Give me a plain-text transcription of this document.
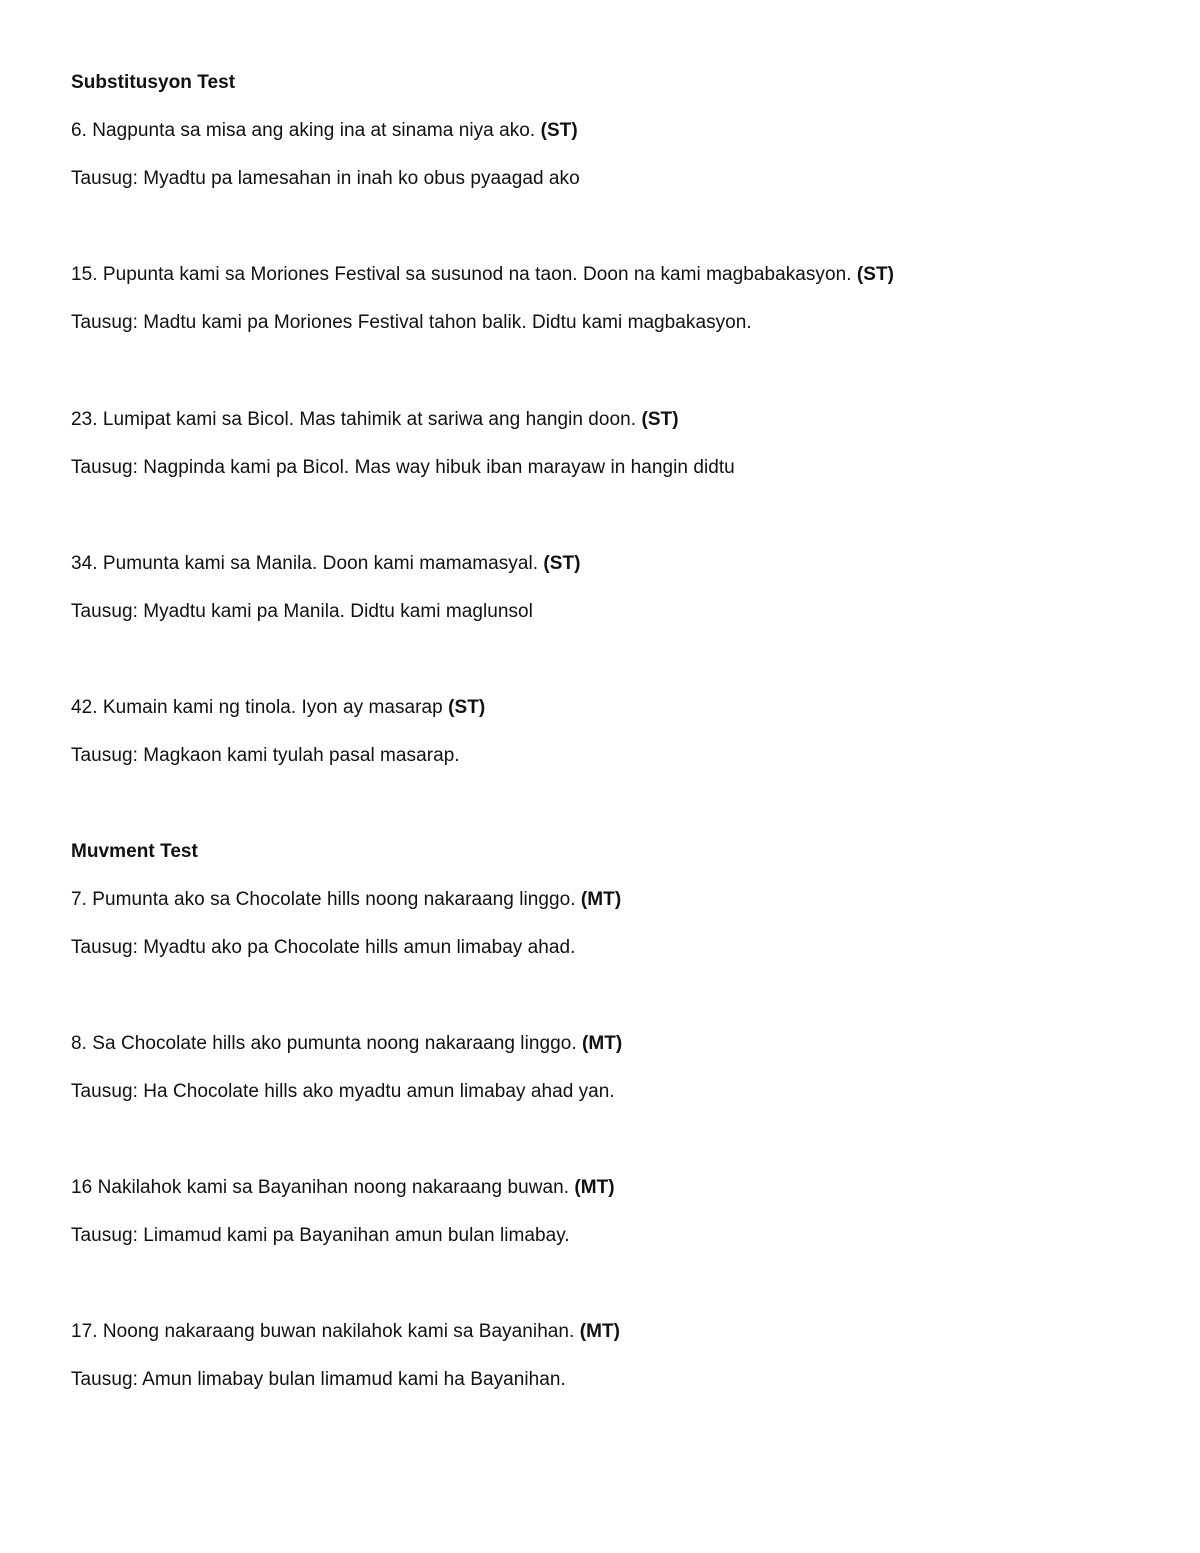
Substitusyon Test
6. Nagpunta sa misa ang aking ina at sinama niya ako. (ST)
Tausug: Myadtu pa lamesahan in inah ko obus pyaagad ako
15. Pupunta kami sa Moriones Festival sa susunod na taon. Doon na kami magbabakasyon. (ST)
Tausug: Madtu kami pa Moriones Festival tahon balik. Didtu kami magbakasyon.
23. Lumipat kami sa Bicol. Mas tahimik at sariwa ang hangin doon. (ST)
Tausug: Nagpinda kami pa Bicol. Mas way hibuk iban marayaw in hangin didtu
34. Pumunta kami sa Manila. Doon kami mamamasyal. (ST)
Tausug: Myadtu kami pa Manila. Didtu kami maglunsol
42. Kumain kami ng tinola. Iyon ay masarap (ST)
Tausug: Magkaon kami tyulah pasal masarap.
Muvment Test
7. Pumunta ako sa Chocolate hills noong nakaraang linggo. (MT)
Tausug: Myadtu ako pa Chocolate hills amun limabay ahad.
8. Sa Chocolate hills ako pumunta noong nakaraang linggo. (MT)
Tausug: Ha Chocolate hills ako myadtu amun limabay ahad yan.
16 Nakilahok kami sa Bayanihan noong nakaraang buwan. (MT)
Tausug: Limamud kami pa Bayanihan amun bulan limabay.
17. Noong nakaraang buwan nakilahok kami sa Bayanihan. (MT)
Tausug: Amun limabay bulan limamud kami ha Bayanihan.
